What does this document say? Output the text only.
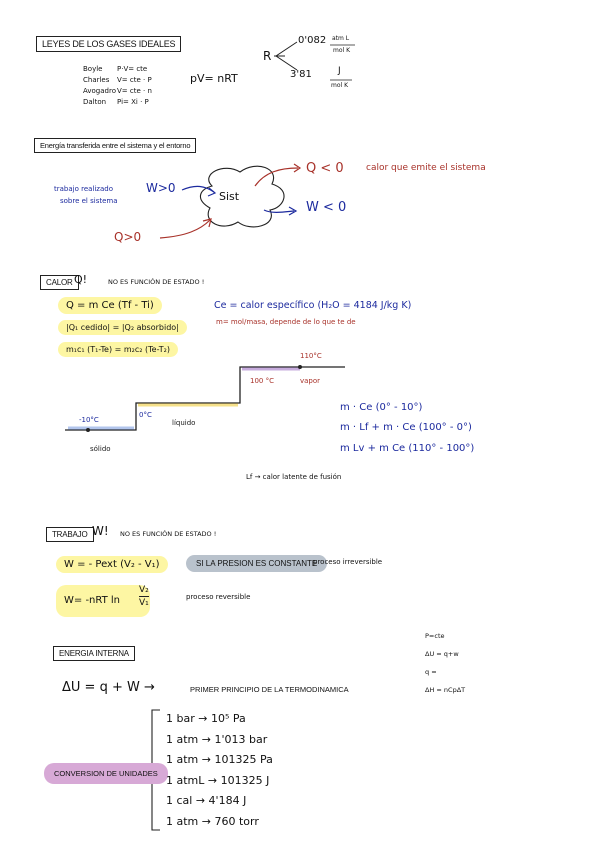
LEYES DE LOS GASES IDEALES
Boyle P·V= cte
Charles V= cte · P
AvogadroV= cte · n
Dalton Pi= Xi · P
pV= nRT
R
0'082 atm L
mol K
3'81	J
mol K
Energía transferida entre el sistema y el entorno
Q < 0 calor que emite el sistema
trabajo realizado
sobre el sistema
W>0
Sist
W < 0
Q>0
CALOR Q!	NO ES FUNCIÓN DE ESTADO !
Q = m Ce (Tf - Ti)
|Q₁ cedido| = |Q₂ absorbido|
m₁c₁ (T₁-Te) = m₂c₂ (Te-T₂)
Ce = calor específico (H₂O = 4184 J/kg K)
m= mol/masa, depende de lo que te de
110°C
100 °C	vapor
0°C
líquido
-10°C
sólido
m · Ce (0° - 10°)
m · Lf + m · Ce (100° - 0°)
m Lv + m Ce (110° - 100°)
Lf → calor latente de fusión
TRABAJO W! NO ES FUNCIÓN DE ESTADO !
W = - Pext (V₂ - V₁)	SI LA PRESION ES CONSTANTE
proceso irreversible
W= -nRT ln
V₂
V₁
proceso reversible
ENERGIA INTERNA
ΔU = q + W →	PRIMER PRINCIPIO DE LA TERMODINAMICA
P=cte
ΔU = q+w
q =
ΔH = nCpΔT
CONVERSION DE UNIDADES
1 bar → 10⁵ Pa
1 atm → 1'013 bar
1 atm → 101325 Pa
1 atmL → 101325 J
1 cal → 4'184 J
1 atm → 760 torr
